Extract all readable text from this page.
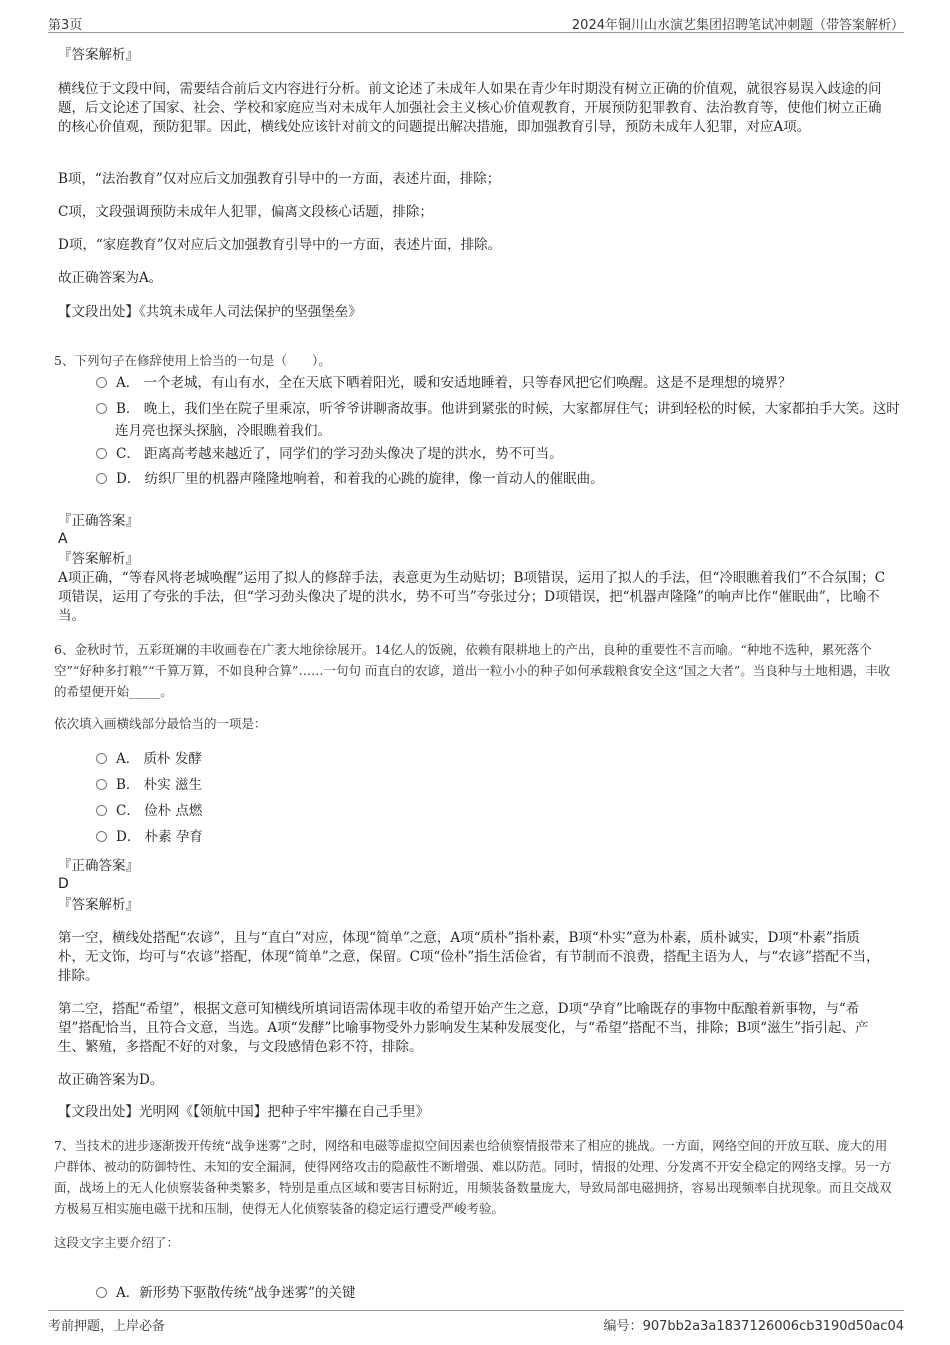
第3页	2024年铜川山水演艺集团招聘笔试冲刺题（带答案解析）
『答案解析』
横线位于文段中间，需要结合前后文内容进行分析。前文论述了未成年人如果在青少年时期没有树立正确的价值观，就很容易误入歧途的问题，后文论述了国家、社会、学校和家庭应当对未成年人加强社会主义核心价值观教育，开展预防犯罪教育、法治教育等，使他们树立正确的核心价值观，预防犯罪。因此，横线处应该针对前文的问题提出解决措施，即加强教育引导，预防未成年人犯罪，对应A项。
B项，“法治教育”仅对应后文加强教育引导中的一方面，表述片面，排除；
C项，文段强调预防未成年人犯罪，偏离文段核心话题，排除；
D项，“家庭教育”仅对应后文加强教育引导中的一方面，表述片面，排除。
故正确答案为A。
【文段出处】《共筑未成年人司法保护的坚强堡垒》
5、下列句子在修辞使用上恰当的一句是（　　）。
A． 一个老城，有山有水，全在天底下晒着阳光，暖和安适地睡着，只等春风把它们唤醒。这是不是理想的境界？
B． 晚上，我们坐在院子里乘凉，听爷爷讲聊斋故事。他讲到紧张的时候，大家都屏住气；讲到轻松的时候，大家都拍手大笑。这时连月亮也探头探脑，冷眼瞧着我们。
C． 距离高考越来越近了，同学们的学习劲头像决了堤的洪水，势不可当。
D． 纺织厂里的机器声隆隆地响着，和着我的心跳的旋律，像一首动人的催眠曲。
『正确答案』
A
『答案解析』
A项正确，“等春风将老城唤醒”运用了拟人的修辞手法，表意更为生动贴切；B项错误，运用了拟人的手法，但“冷眼瞧着我们”不合氛围；C项错误，运用了夸张的手法，但“学习劲头像决了堤的洪水，势不可当”夸张过分；D项错误，把“机器声隆隆”的响声比作“催眠曲”，比喻不当。
6、金秋时节，五彩斑斓的丰收画卷在广袤大地徐徐展开。14亿人的饭碗，依赖有限耕地上的产出，良种的重要性不言而喻。“种地不选种，累死落个空”“好种多打粮”“千算万算，不如良种合算”……一句句 而直白的农谚，道出一粒小小的种子如何承载粮食安全这“国之大者”。当良种与土地相遇，丰收的希望便开始_____。
依次填入画横线部分最恰当的一项是：
A． 质朴 发酵
B． 朴实 滋生
C． 俭朴 点燃
D． 朴素 孕育
『正确答案』
D
『答案解析』
第一空，横线处搭配“农谚”，且与“直白”对应，体现“简单”之意，A项“质朴”指朴素，B项“朴实”意为朴素，质朴诚实，D项“朴素”指质朴，无文饰，均可与“农谚”搭配，体现“简单”之意，保留。C项“俭朴”指生活俭省，有节制而不浪费，搭配主语为人，与“农谚”搭配不当，排除。
第二空，搭配“希望”，根据文意可知横线所填词语需体现丰收的希望开始产生之意，D项“孕育”比喻既存的事物中酝酿着新事物，与“希望”搭配恰当，且符合文意，当选。A项“发酵”比喻事物受外力影响发生某种发展变化，与“希望”搭配不当，排除；B项“滋生”指引起、产生、繁殖，多搭配不好的对象，与文段感情色彩不符，排除。
故正确答案为D。
【文段出处】光明网《【领航中国】把种子牢牢攥在自己手里》
7、当技术的进步逐渐拨开传统“战争迷雾”之时，网络和电磁等虚拟空间因素也给侦察情报带来了相应的挑战。一方面，网络空间的开放互联、庞大的用户群体、被动的防御特性、未知的安全漏洞，使得网络攻击的隐蔽性不断增强、难以防范。同时，情报的处理、分发离不开安全稳定的网络支撑。另一方面，战场上的无人化侦察装备种类繁多，特别是重点区域和要害目标附近，用频装备数量庞大，导致局部电磁拥挤，容易出现频率自扰现象。而且交战双方极易互相实施电磁干扰和压制，使得无人化侦察装备的稳定运行遭受严峻考验。
这段文字主要介绍了：
A．新形势下驱散传统“战争迷雾”的关键
考前押题，上岸必备	编号：907bb2a3a1837126006cb3190d50ac04
